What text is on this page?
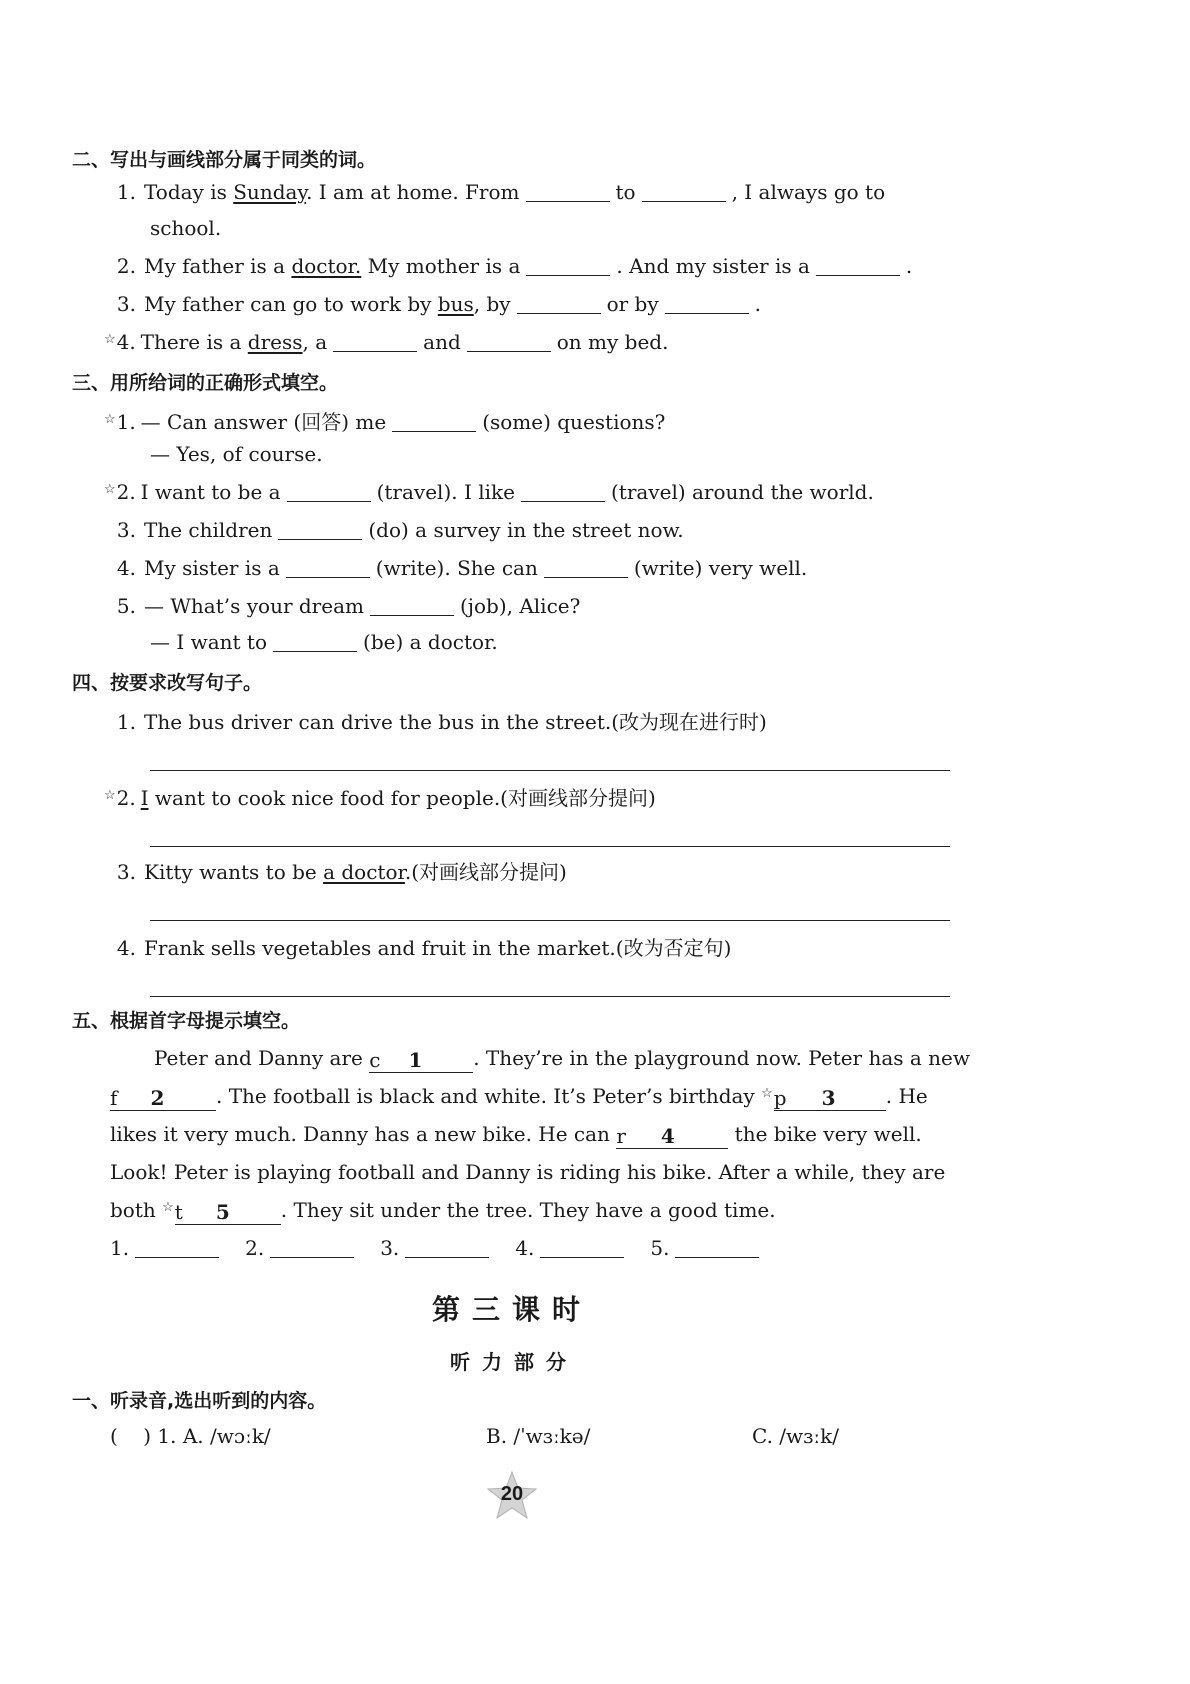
二、写出与画线部分属于同类的词。
1. Today is Sunday. I am at home. From	to	, I always go to
school.
2. My father is a doctor. My mother is a	. And my sister is a	.
3. My father can go to work by bus, by	or by	.
☆4. There is a dress, a	and	on my bed.
三、用所给词的正确形式填空。
☆1. — Can answer (回答) me	(some) questions?
— Yes, of course.
☆2. I want to be a	(travel). I like	(travel) around the world.
3. The children	(do) a survey in the street now.
4. My sister is a	(write). She can	(write) very well.
5. — What’s your dream	(job), Alice?
— I want to	(be) a doctor.
四、按要求改写句子。
1. The bus driver can drive the bus in the street.(改为现在进行时)
☆2. I want to cook nice food for people.(对画线部分提问)
3. Kitty wants to be a doctor.(对画线部分提问)
4. Frank sells vegetables and fruit in the market.(改为否定句)
五、根据首字母提示填空。
Peter and Danny are c 1	. They’re in the playground now. Peter has a new
f 2	. The football is black and white. It’s Peter’s birthday ☆p 3	. He
likes it very much. Danny has a new bike. He can r 4	the bike very well.
Look! Peter is playing football and Danny is riding his bike. After a while, they are
both ☆t 5	. They sit under the tree. They have a good time.
1.	2.	3.	4.	5.
第三课时
听力部分
一、听录音,选出听到的内容。
(    ) 1. A. /wɔːk/	B. /ˈwɜːkə/	C. /wɜːk/
20
